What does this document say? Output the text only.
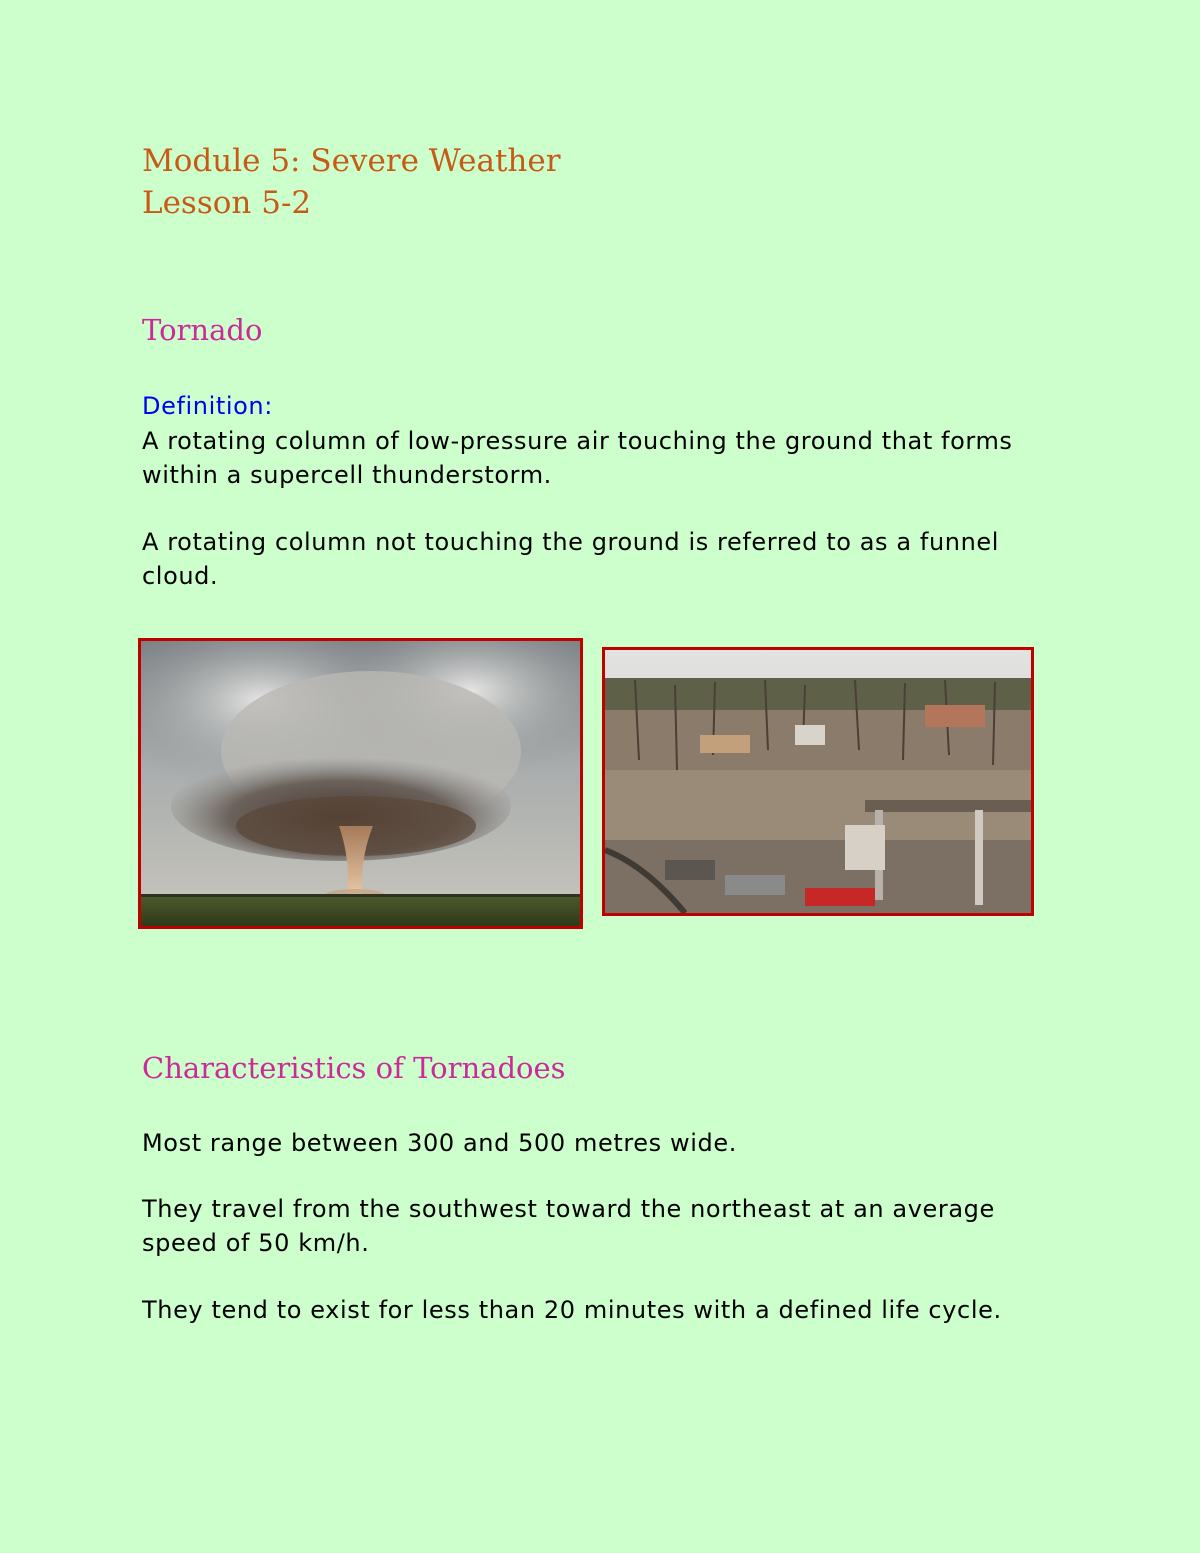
Module 5: Severe Weather
Lesson 5-2
Tornado

Definition:

A rotating column of low-pressure air touching the ground that forms within a supercell thunderstorm.

A rotating column not touching the ground is referred to as a funnel cloud.

Characteristics of Tornadoes

Most range between 300 and 500 metres wide.

They travel from the southwest toward the northeast at an average speed of 50 km/h.

They tend to exist for less than 20 minutes with a defined life cycle.
